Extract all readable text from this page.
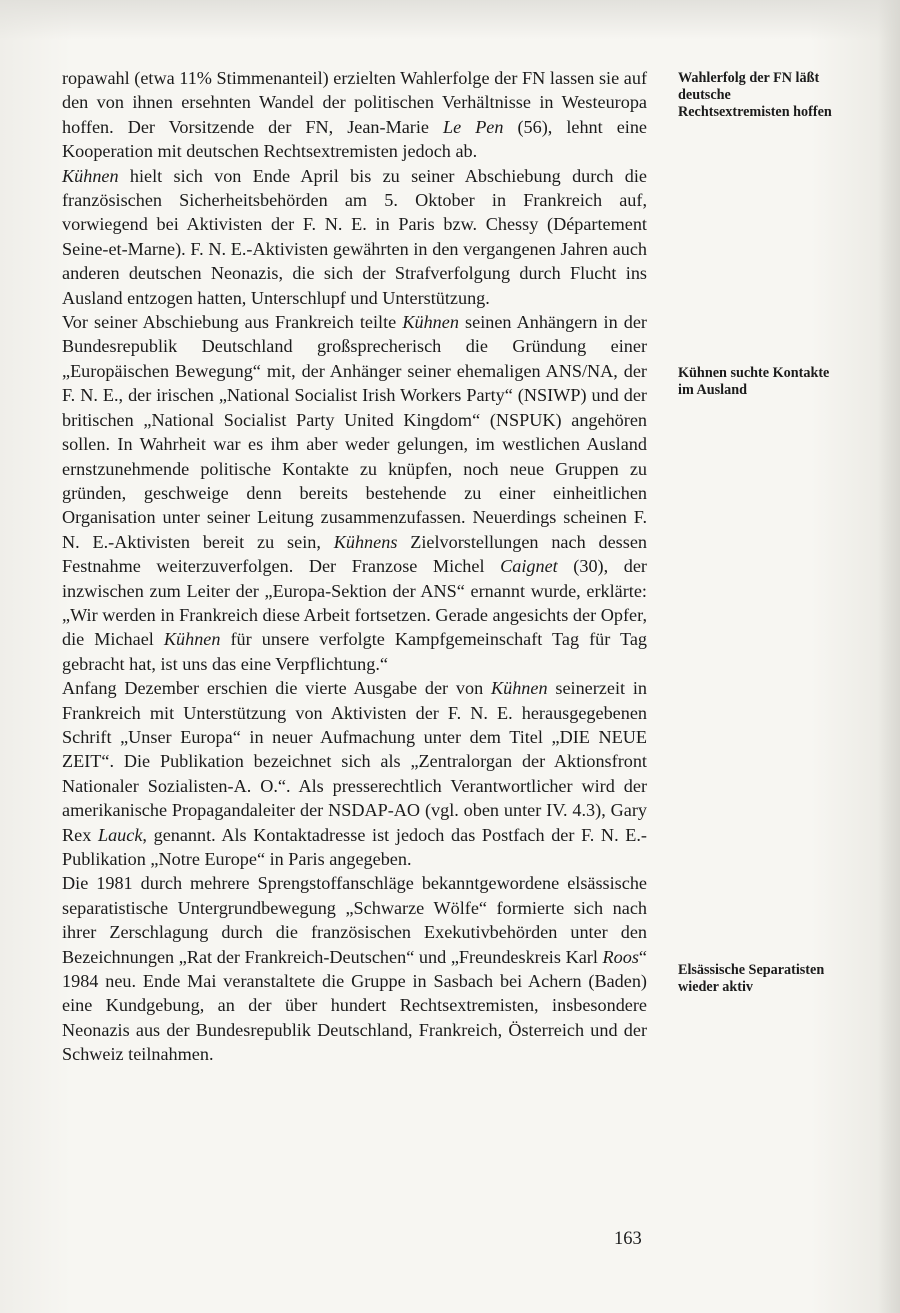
ropawahl (etwa 11% Stimmenanteil) erzielten Wahlerfolge der FN lassen sie auf den von ihnen ersehnten Wandel der politischen Verhältnisse in Westeuropa hoffen. Der Vorsitzende der FN, Jean-Marie Le Pen (56), lehnt eine Kooperation mit deutschen Rechtsextremisten jedoch ab.

Kühnen hielt sich von Ende April bis zu seiner Abschiebung durch die französischen Sicherheitsbehörden am 5. Oktober in Frankreich auf, vorwiegend bei Aktivisten der F. N. E. in Paris bzw. Chessy (Département Seine-et-Marne). F. N. E.-Aktivisten gewährten in den vergangenen Jahren auch anderen deutschen Neonazis, die sich der Strafverfolgung durch Flucht ins Ausland entzogen hatten, Unterschlupf und Unterstützung.

Vor seiner Abschiebung aus Frankreich teilte Kühnen seinen Anhängern in der Bundesrepublik Deutschland großsprecherisch die Gründung einer „Europäischen Bewegung“ mit, der Anhänger seiner ehemaligen ANS/NA, der F. N. E., der irischen „National Socialist Irish Workers Party“ (NSIWP) und der britischen „National Socialist Party United Kingdom“ (NSPUK) angehören sollen. In Wahrheit war es ihm aber weder gelungen, im westlichen Ausland ernstzunehmende politische Kontakte zu knüpfen, noch neue Gruppen zu gründen, geschweige denn bereits bestehende zu einer einheitlichen Organisation unter seiner Leitung zusammenzufassen. Neuerdings scheinen F. N. E.-Aktivisten bereit zu sein, Kühnens Zielvorstellungen nach dessen Festnahme weiterzuverfolgen. Der Franzose Michel Caignet (30), der inzwischen zum Leiter der „Europa-Sektion der ANS“ ernannt wurde, erklärte: „Wir werden in Frankreich diese Arbeit fortsetzen. Gerade angesichts der Opfer, die Michael Kühnen für unsere verfolgte Kampfgemeinschaft Tag für Tag gebracht hat, ist uns das eine Verpflichtung.“

Anfang Dezember erschien die vierte Ausgabe der von Kühnen seinerzeit in Frankreich mit Unterstützung von Aktivisten der F. N. E. herausgegebenen Schrift „Unser Europa“ in neuer Aufmachung unter dem Titel „DIE NEUE ZEIT“. Die Publikation bezeichnet sich als „Zentralorgan der Aktionsfront Nationaler Sozialisten-A. O.“. Als presserechtlich Verantwortlicher wird der amerikanische Propagandaleiter der NSDAP-AO (vgl. oben unter IV. 4.3), Gary Rex Lauck, genannt. Als Kontaktadresse ist jedoch das Postfach der F. N. E.-Publikation „Notre Europe“ in Paris angegeben.

Die 1981 durch mehrere Sprengstoffanschläge bekanntgewordene elsässische separatistische Untergrundbewegung „Schwarze Wölfe“ formierte sich nach ihrer Zerschlagung durch die französischen Exekutivbehörden unter den Bezeichnungen „Rat der Frankreich-Deutschen“ und „Freundeskreis Karl Roos“ 1984 neu. Ende Mai veranstaltete die Gruppe in Sasbach bei Achern (Baden) eine Kundgebung, an der über hundert Rechtsextremisten, insbesondere Neonazis aus der Bundesrepublik Deutschland, Frankreich, Österreich und der Schweiz teilnahmen.

Wahlerfolg der FN läßt deutsche Rechtsextremisten hoffen
Kühnen suchte Kontakte im Ausland
Elsässische Separatisten wieder aktiv
163
